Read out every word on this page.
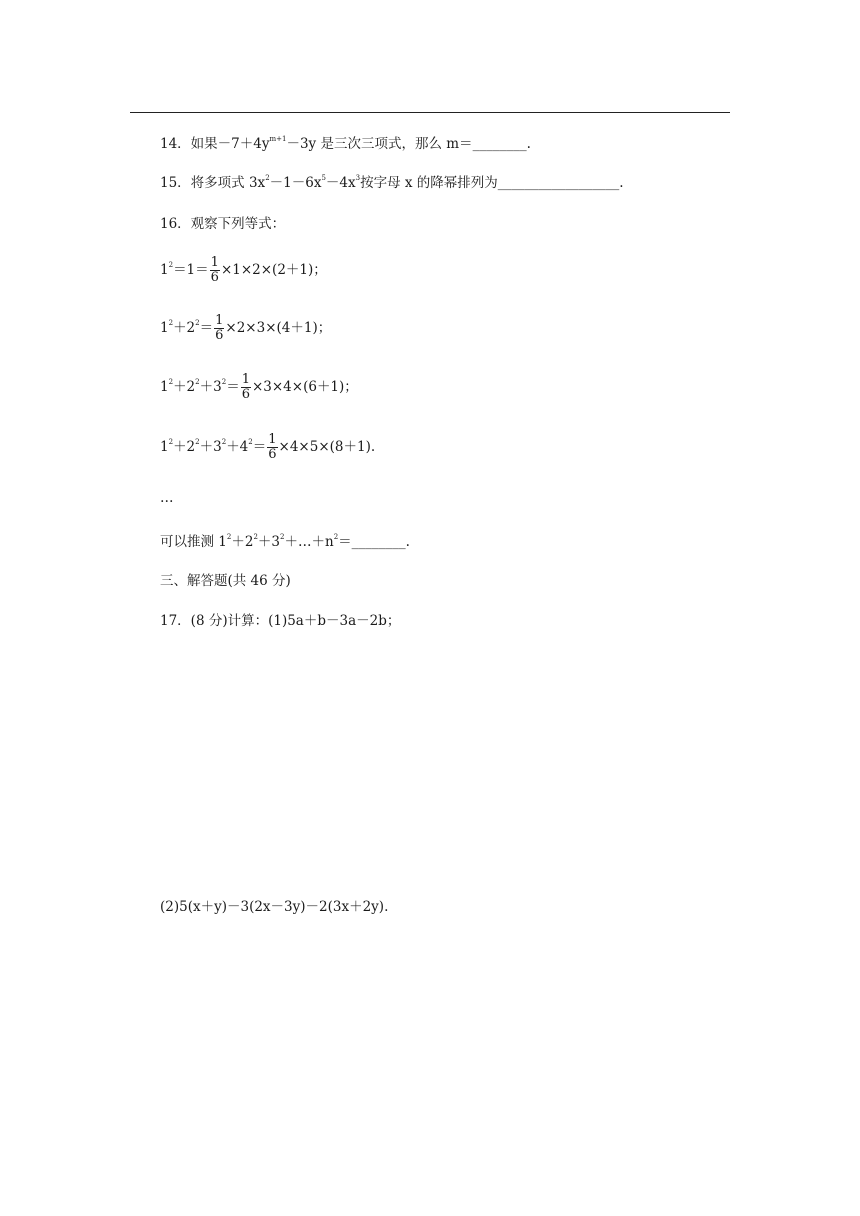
14．如果$-7+4y^{m+1}-3y$ 是三次三项式，那么 m＝________.
15．将多项式 $3x^2-1-6x^5-4x^3$按字母 x 的降幂排列为__________________.
16．观察下列等式：
$1^2=1= \frac{1}{6} \times 1\times 2\times(2+1)$；
$1^2+2^2= \frac{1}{6} \times 2\times 3\times(4+1)$；
$1^2+2^2+3^2= \frac{1}{6} \times 3\times 4\times(6+1)$；
$1^2+2^2+3^2+4^2= \frac{1}{6} \times 4\times 5\times(8+1)$.
…
可以推测 $1^2+2^2+3^2+\dots+n^2=\_\_\_\_\_\_\_\_$.
三、解答题(共 46 分)
17．(8 分)计算：(1)5a＋b－3a－2b；
(2)5(x＋y)－3(2x－3y)－2(3x＋2y).
